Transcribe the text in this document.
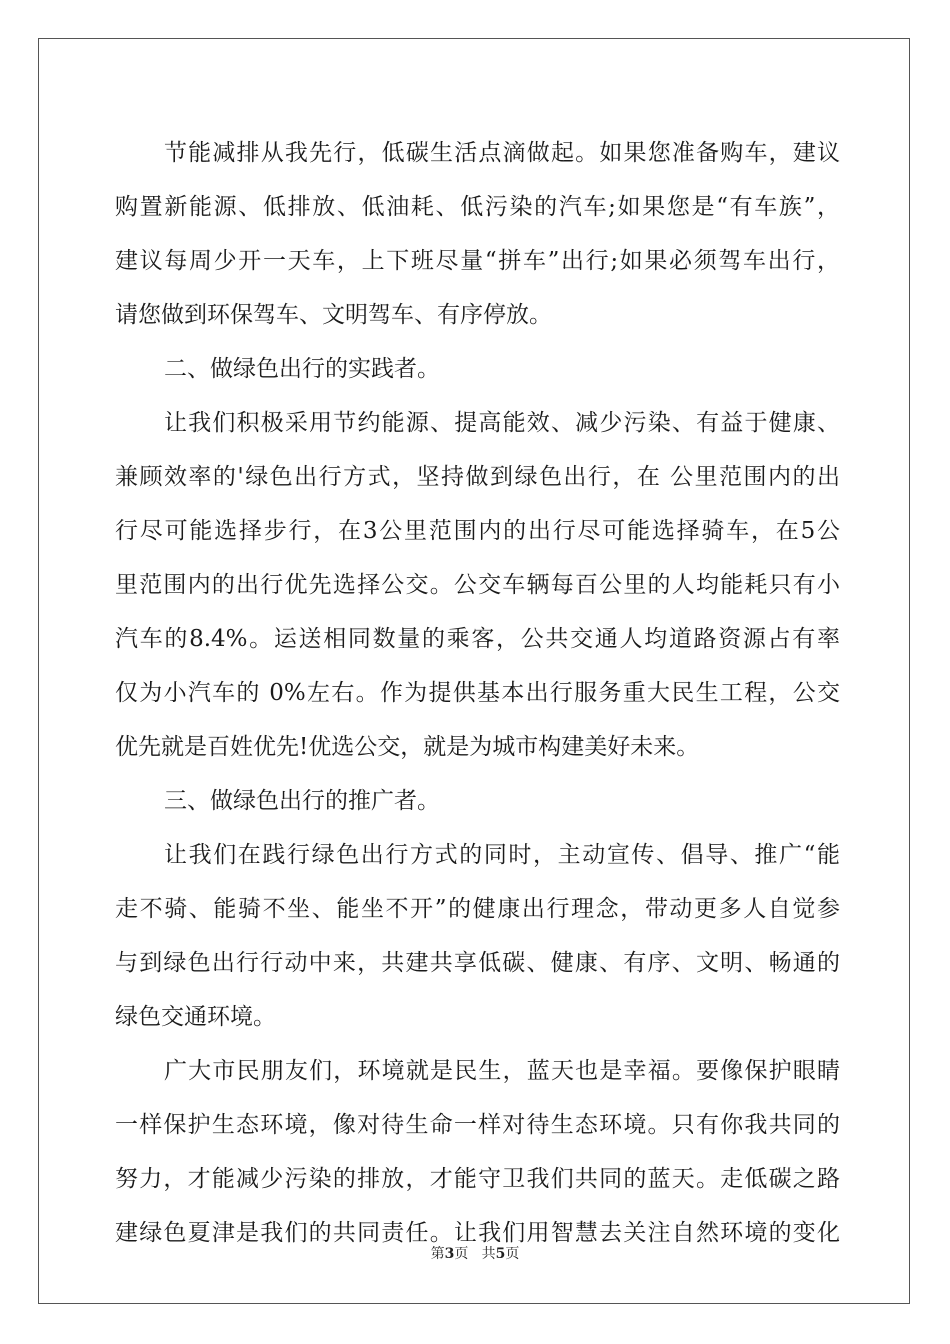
节能减排从我先行，低碳生活点滴做起。如果您准备购车，建议
购置新能源、低排放、低油耗、低污染的汽车;如果您是“有车族”，
建议每周少开一天车，上下班尽量“拼车”出行;如果必须驾车出行，
请您做到环保驾车、文明驾车、有序停放。
二、做绿色出行的实践者。
让我们积极采用节约能源、提高能效、减少污染、有益于健康、
兼顾效率的'绿色出行方式，坚持做到绿色出行，在 公里范围内的出
行尽可能选择步行，在3公里范围内的出行尽可能选择骑车，在5公
里范围内的出行优先选择公交。公交车辆每百公里的人均能耗只有小
汽车的8.4%。运送相同数量的乘客，公共交通人均道路资源占有率
仅为小汽车的 0%左右。作为提供基本出行服务重大民生工程，公交
优先就是百姓优先!优选公交，就是为城市构建美好未来。
三、做绿色出行的推广者。
让我们在践行绿色出行方式的同时，主动宣传、倡导、推广“能
走不骑、能骑不坐、能坐不开”的健康出行理念，带动更多人自觉参
与到绿色出行行动中来，共建共享低碳、健康、有序、文明、畅通的
绿色交通环境。
广大市民朋友们，环境就是民生，蓝天也是幸福。要像保护眼睛
一样保护生态环境，像对待生命一样对待生态环境。只有你我共同的
努力，才能减少污染的排放，才能守卫我们共同的蓝天。走低碳之路
建绿色夏津是我们的共同责任。让我们用智慧去关注自然环境的变化
第3页 共5页
